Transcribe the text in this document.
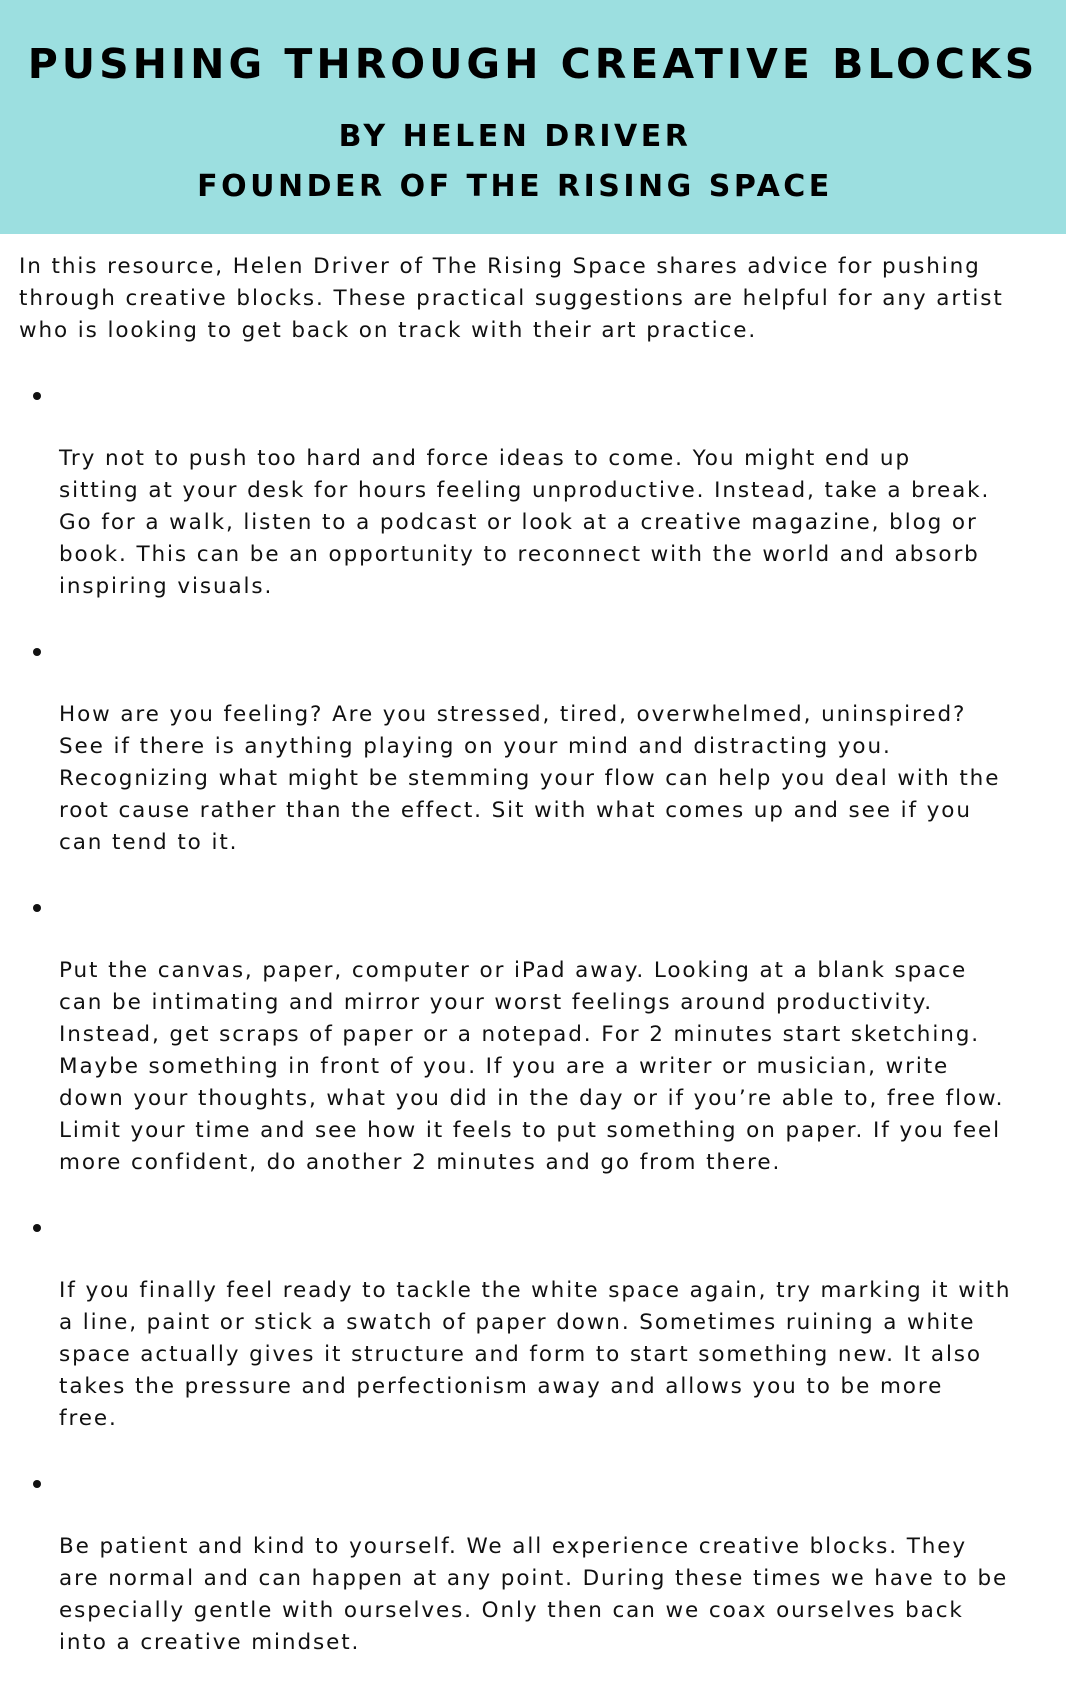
PUSHING THROUGH CREATIVE BLOCKS
BY HELEN DRIVER
FOUNDER OF THE RISING SPACE

In this resource, Helen Driver of The Rising Space shares advice for pushing
through creative blocks. These practical suggestions are helpful for any artist
who is looking to get back on track with their art practice.

Try not to push too hard and force ideas to come. You might end up
sitting at your desk for hours feeling unproductive. Instead, take a break.
Go for a walk, listen to a podcast or look at a creative magazine, blog or
book. This can be an opportunity to reconnect with the world and absorb
inspiring visuals.

How are you feeling? Are you stressed, tired, overwhelmed, uninspired?
See if there is anything playing on your mind and distracting you.
Recognizing what might be stemming your flow can help you deal with the
root cause rather than the effect. Sit with what comes up and see if you
can tend to it.

Put the canvas, paper, computer or iPad away. Looking at a blank space
can be intimating and mirror your worst feelings around productivity.
Instead, get scraps of paper or a notepad. For 2 minutes start sketching.
Maybe something in front of you. If you are a writer or musician, write
down your thoughts, what you did in the day or if you’re able to, free flow.
Limit your time and see how it feels to put something on paper. If you feel
more confident, do another 2 minutes and go from there.

If you finally feel ready to tackle the white space again, try marking it with
a line, paint or stick a swatch of paper down. Sometimes ruining a white
space actually gives it structure and form to start something new. It also
takes the pressure and perfectionism away and allows you to be more
free.

Be patient and kind to yourself. We all experience creative blocks. They
are normal and can happen at any point. During these times we have to be
especially gentle with ourselves. Only then can we coax ourselves back
into a creative mindset.
